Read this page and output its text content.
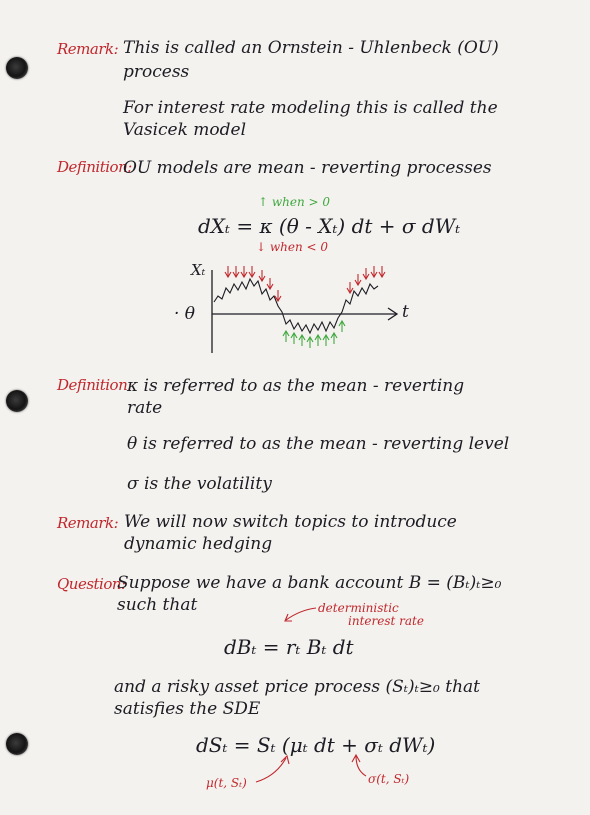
Remark: This is called an Ornstein - Uhlenbeck (OU)
process
For interest rate modeling this is called the
Vasicek model
Definition:
OU models are mean - reverting processes
↑ when > 0
dXₜ = κ (θ - Xₜ) dt + σ dWₜ
↓ when < 0
Xₜ
t
· θ
Definition:
κ is referred to as the mean - reverting
rate
θ is referred to as the mean - reverting level
σ is the volatility
Remark: We will now switch topics to introduce
dynamic hedging
Question:
Suppose we have a bank account B = (Bₜ)ₜ≥₀
such that	deterministic
interest rate
dBₜ = rₜ Bₜ dt
and a risky asset price process (Sₜ)ₜ≥₀ that
satisfies the SDE
dSₜ = Sₜ (μₜ dt + σₜ dWₜ)
μ(t, Sₜ)	σ(t, Sₜ)
